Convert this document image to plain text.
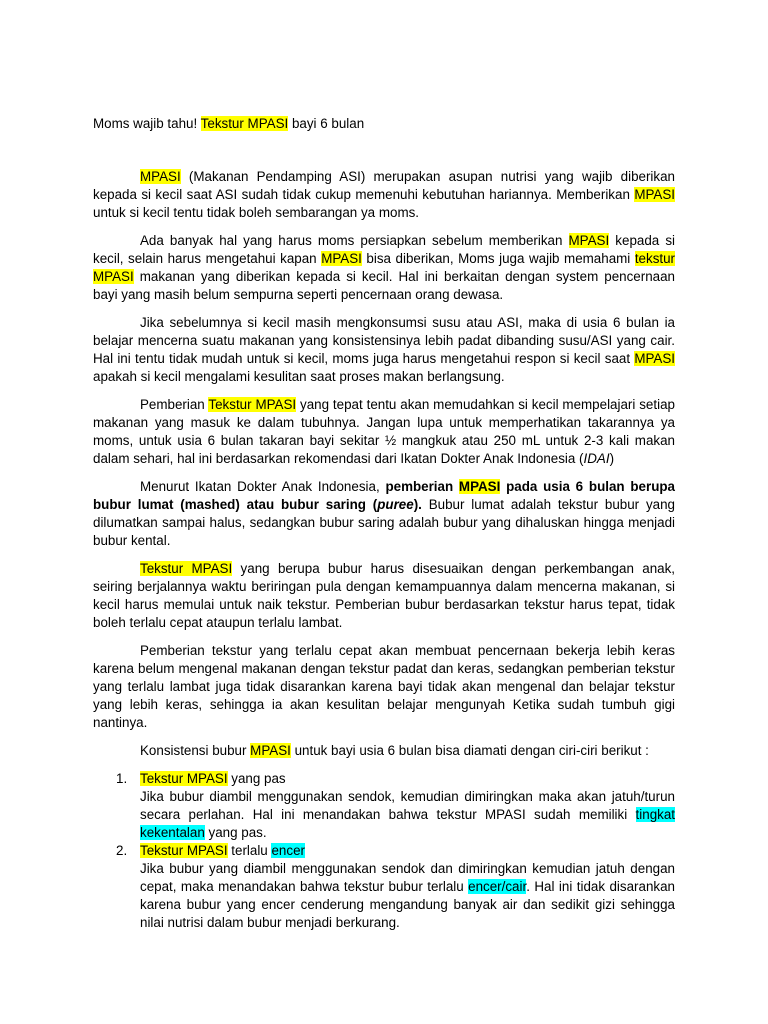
Moms wajib tahu! Tekstur MPASI bayi 6 bulan

MPASI (Makanan Pendamping ASI) merupakan asupan nutrisi yang wajib diberikan kepada si kecil saat ASI sudah tidak cukup memenuhi kebutuhan hariannya. Memberikan MPASI untuk si kecil tentu tidak boleh sembarangan ya moms.

Ada banyak hal yang harus moms persiapkan sebelum memberikan MPASI kepada si kecil, selain harus mengetahui kapan MPASI bisa diberikan, Moms juga wajib memahami tekstur MPASI makanan yang diberikan kepada si kecil. Hal ini berkaitan dengan system pencernaan bayi yang masih belum sempurna seperti pencernaan orang dewasa.

Jika sebelumnya si kecil masih mengkonsumsi susu atau ASI, maka di usia 6 bulan ia belajar mencerna suatu makanan yang konsistensinya lebih padat dibanding susu/ASI yang cair. Hal ini tentu tidak mudah untuk si kecil, moms juga harus mengetahui respon si kecil saat MPASI apakah si kecil mengalami kesulitan saat proses makan berlangsung.

Pemberian Tekstur MPASI yang tepat tentu akan memudahkan si kecil mempelajari setiap makanan yang masuk ke dalam tubuhnya. Jangan lupa untuk memperhatikan takarannya ya moms, untuk usia 6 bulan takaran bayi sekitar ½ mangkuk atau 250 mL untuk 2-3 kali makan dalam sehari, hal ini berdasarkan rekomendasi dari Ikatan Dokter Anak Indonesia (IDAI)

Menurut Ikatan Dokter Anak Indonesia, pemberian MPASI pada usia 6 bulan berupa bubur lumat (mashed) atau bubur saring (puree). Bubur lumat adalah tekstur bubur yang dilumatkan sampai halus, sedangkan bubur saring adalah bubur yang dihaluskan hingga menjadi bubur kental.

Tekstur MPASI yang berupa bubur harus disesuaikan dengan perkembangan anak, seiring berjalannya waktu beriringan pula dengan kemampuannya dalam mencerna makanan, si kecil harus memulai untuk naik tekstur. Pemberian bubur berdasarkan tekstur harus tepat, tidak boleh terlalu cepat ataupun terlalu lambat.

Pemberian tekstur yang terlalu cepat akan membuat pencernaan bekerja lebih keras karena belum mengenal makanan dengan tekstur padat dan keras, sedangkan pemberian tekstur yang terlalu lambat juga tidak disarankan karena bayi tidak akan mengenal dan belajar tekstur yang lebih keras, sehingga ia akan kesulitan belajar mengunyah Ketika sudah tumbuh gigi nantinya.

Konsistensi bubur MPASI untuk bayi usia 6 bulan bisa diamati dengan ciri-ciri berikut :

1. Tekstur MPASI yang pas
Jika bubur diambil menggunakan sendok, kemudian dimiringkan maka akan jatuh/turun secara perlahan. Hal ini menandakan bahwa tekstur MPASI sudah memiliki tingkat kekentalan yang pas.
2. Tekstur MPASI terlalu encer
Jika bubur yang diambil menggunakan sendok dan dimiringkan kemudian jatuh dengan cepat, maka menandakan bahwa tekstur bubur terlalu encer/cair. Hal ini tidak disarankan karena bubur yang encer cenderung mengandung banyak air dan sedikit gizi sehingga nilai nutrisi dalam bubur menjadi berkurang.
